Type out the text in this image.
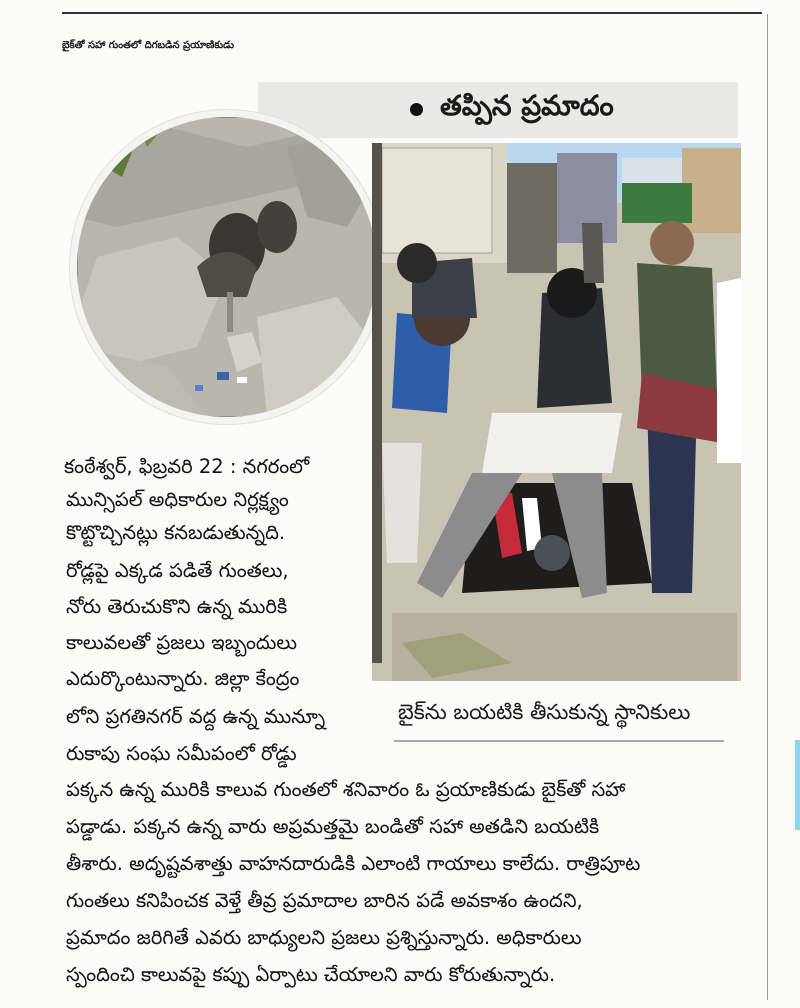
బైక్‌తో సహా గుంతలో దిగబడిన ప్రయాణికుడు
తప్పిన ప్రమాదం
బైక్‌ను బయటికి తీసుకున్న స్థానికులు
కంఠేశ్వర్, ఫిబ్రవరి 22 : నగరంలో
మున్సిపల్ అధికారుల నిర్లక్ష్యం
కొట్టొచ్చినట్లు కనబడుతున్నది.
రోడ్లపై ఎక్కడ పడితే గుంతలు,
నోరు తెరుచుకొని ఉన్న మురికి
కాలువలతో ప్రజలు ఇబ్బందులు
ఎదుర్కొంటున్నారు. జిల్లా కేంద్రం
లోని ప్రగతినగర్ వద్ద ఉన్న మున్నూ
రుకాపు సంఘ సమీపంలో రోడ్డు
పక్కన ఉన్న మురికి కాలువ గుంతలో శనివారం ఓ ప్రయాణికుడు బైక్‌తో సహా
పడ్డాడు. పక్కన ఉన్న వారు అప్రమత్తమై బండితో సహా అతడిని బయటికి
తీశారు. అదృష్టవశాత్తు వాహనదారుడికి ఎలాంటి గాయాలు కాలేదు. రాత్రిపూట
గుంతలు కనిపించక వెళ్తే తీవ్ర ప్రమాదాల బారిన పడే అవకాశం ఉందని,
ప్రమాదం జరిగితే ఎవరు బాధ్యులని ప్రజలు ప్రశ్నిస్తున్నారు. అధికారులు
స్పందించి కాలువపై కప్పు ఏర్పాటు చేయాలని వారు కోరుతున్నారు.
